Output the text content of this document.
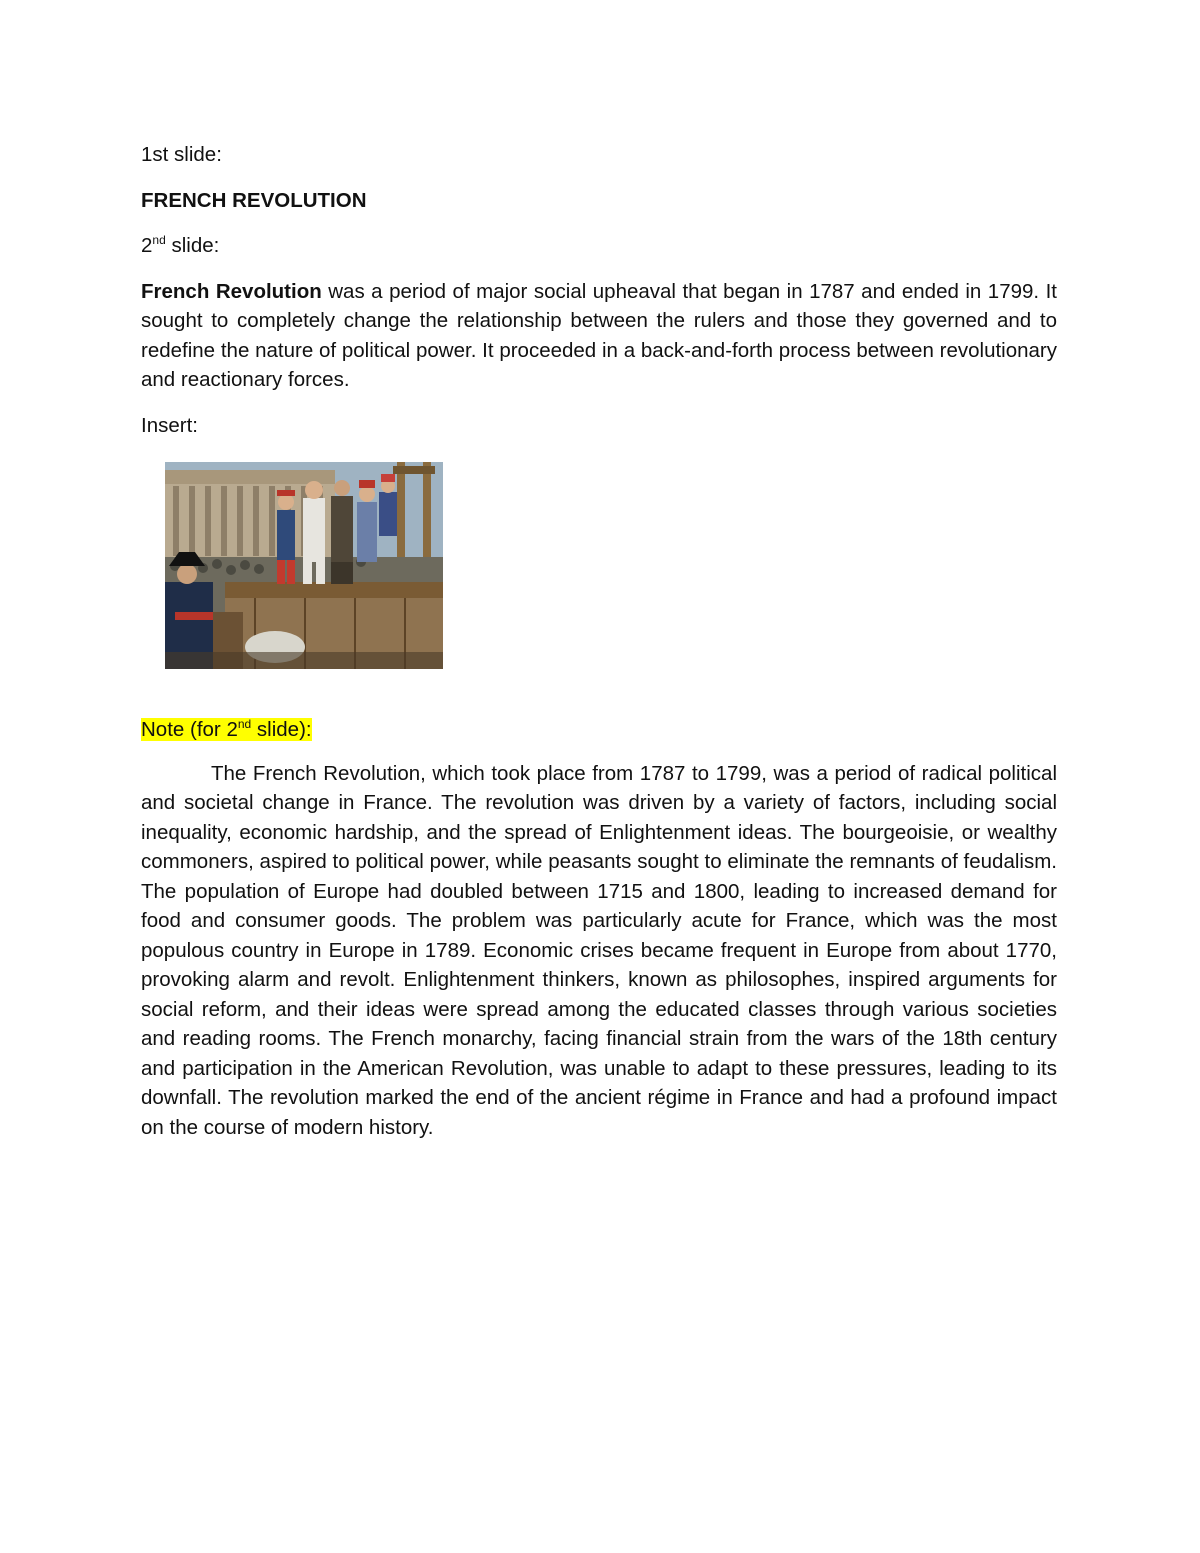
1st slide:

FRENCH REVOLUTION

2nd slide:

French Revolution was a period of major social upheaval that began in 1787 and ended in 1799. It sought to completely change the relationship between the rulers and those they governed and to redefine the nature of political power. It proceeded in a back-and-forth process between revolutionary and reactionary forces.

Insert:

Note (for 2nd slide):

The French Revolution, which took place from 1787 to 1799, was a period of radical political and societal change in France. The revolution was driven by a variety of factors, including social inequality, economic hardship, and the spread of Enlightenment ideas. The bourgeoisie, or wealthy commoners, aspired to political power, while peasants sought to eliminate the remnants of feudalism. The population of Europe had doubled between 1715 and 1800, leading to increased demand for food and consumer goods. The problem was particularly acute for France, which was the most populous country in Europe in 1789. Economic crises became frequent in Europe from about 1770, provoking alarm and revolt. Enlightenment thinkers, known as philosophes, inspired arguments for social reform, and their ideas were spread among the educated classes through various societies and reading rooms. The French monarchy, facing financial strain from the wars of the 18th century and participation in the American Revolution, was unable to adapt to these pressures, leading to its downfall. The revolution marked the end of the ancient régime in France and had a profound impact on the course of modern history.
